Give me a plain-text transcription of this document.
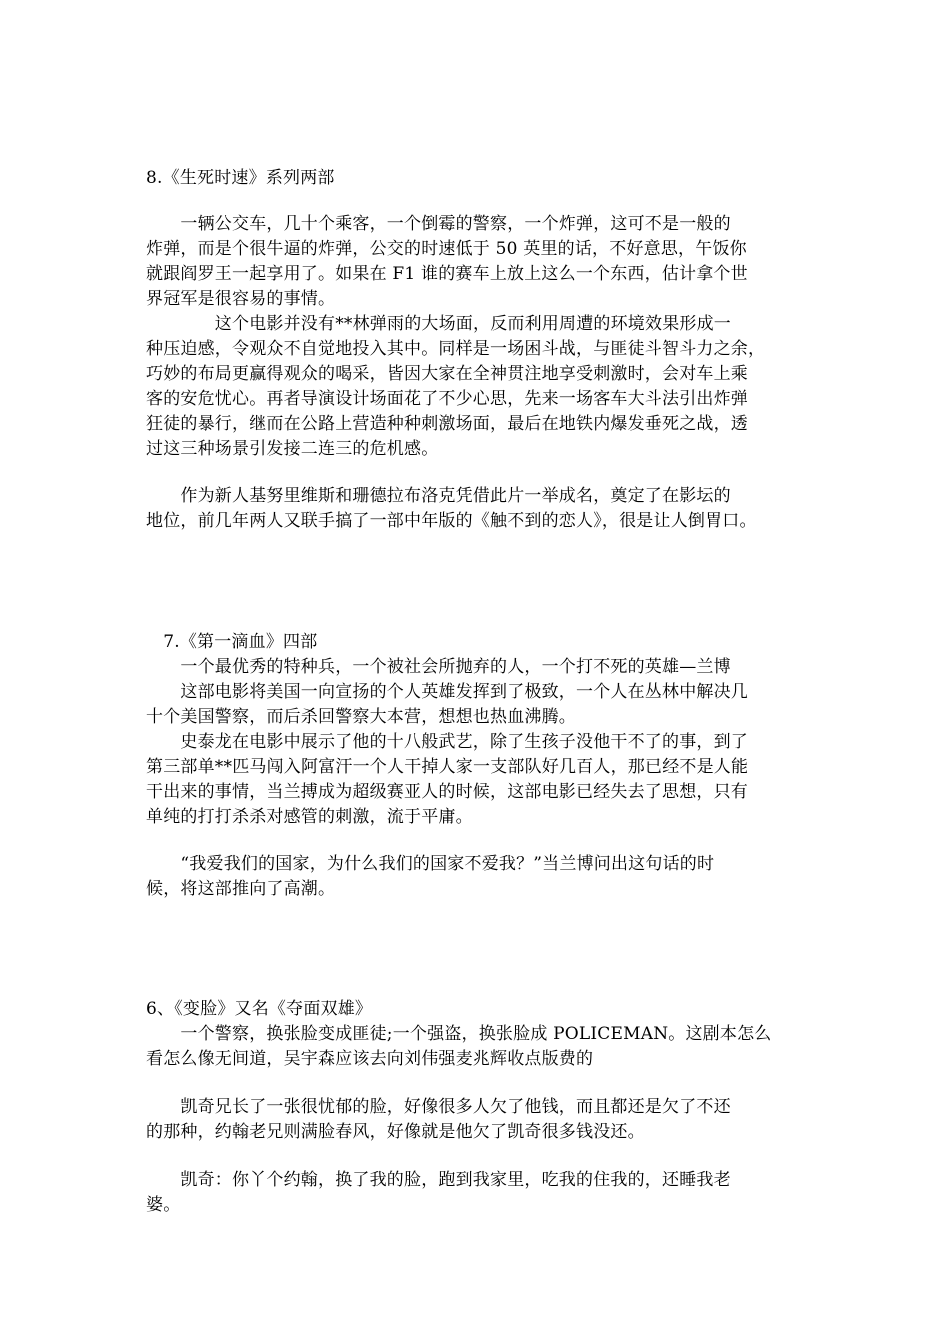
8.《生死时速》系列两部
　　一辆公交车，几十个乘客，一个倒霉的警察，一个炸弹，这可不是一般的
炸弹，而是个很牛逼的炸弹，公交的时速低于 50 英里的话，不好意思，午饭你
就跟阎罗王一起享用了。如果在 F1 谁的赛车上放上这么一个东西，估计拿个世
界冠军是很容易的事情。
　　　　这个电影并没有**林弹雨的大场面，反而利用周遭的环境效果形成一
种压迫感，令观众不自觉地投入其中。同样是一场困斗战，与匪徒斗智斗力之余，
巧妙的布局更赢得观众的喝采，皆因大家在全神贯注地享受刺激时，会对车上乘
客的安危忧心。再者导演设计场面花了不少心思，先来一场客车大斗法引出炸弹
狂徒的暴行，继而在公路上营造种种刺激场面，最后在地铁内爆发垂死之战，透
过这三种场景引发接二连三的危机感。
　　作为新人基努里维斯和珊德拉布洛克凭借此片一举成名，奠定了在影坛的
地位，前几年两人又联手搞了一部中年版的《触不到的恋人》，很是让人倒胃口。
　7.《第一滴血》四部
　　一个最优秀的特种兵，一个被社会所抛弃的人，一个打不死的英雄—兰博
　　这部电影将美国一向宣扬的个人英雄发挥到了极致，一个人在丛林中解决几
十个美国警察，而后杀回警察大本营，想想也热血沸腾。
　　史泰龙在电影中展示了他的十八般武艺，除了生孩子没他干不了的事，到了
第三部单**匹马闯入阿富汗一个人干掉人家一支部队好几百人，那已经不是人能
干出来的事情，当兰搏成为超级赛亚人的时候，这部电影已经失去了思想，只有
单纯的打打杀杀对感管的刺激，流于平庸。
　　“我爱我们的国家，为什么我们的国家不爱我？”当兰博问出这句话的时
候，将这部推向了高潮。
6、《变脸》又名《夺面双雄》
　　一个警察，换张脸变成匪徒;一个强盗，换张脸成 POLICEMAN。这剧本怎么
看怎么像无间道，吴宇森应该去向刘伟强麦兆辉收点版费的
　　凯奇兄长了一张很忧郁的脸，好像很多人欠了他钱，而且都还是欠了不还
的那种，约翰老兄则满脸春风，好像就是他欠了凯奇很多钱没还。
　　凯奇：你丫个约翰，换了我的脸，跑到我家里，吃我的住我的，还睡我老
婆。
